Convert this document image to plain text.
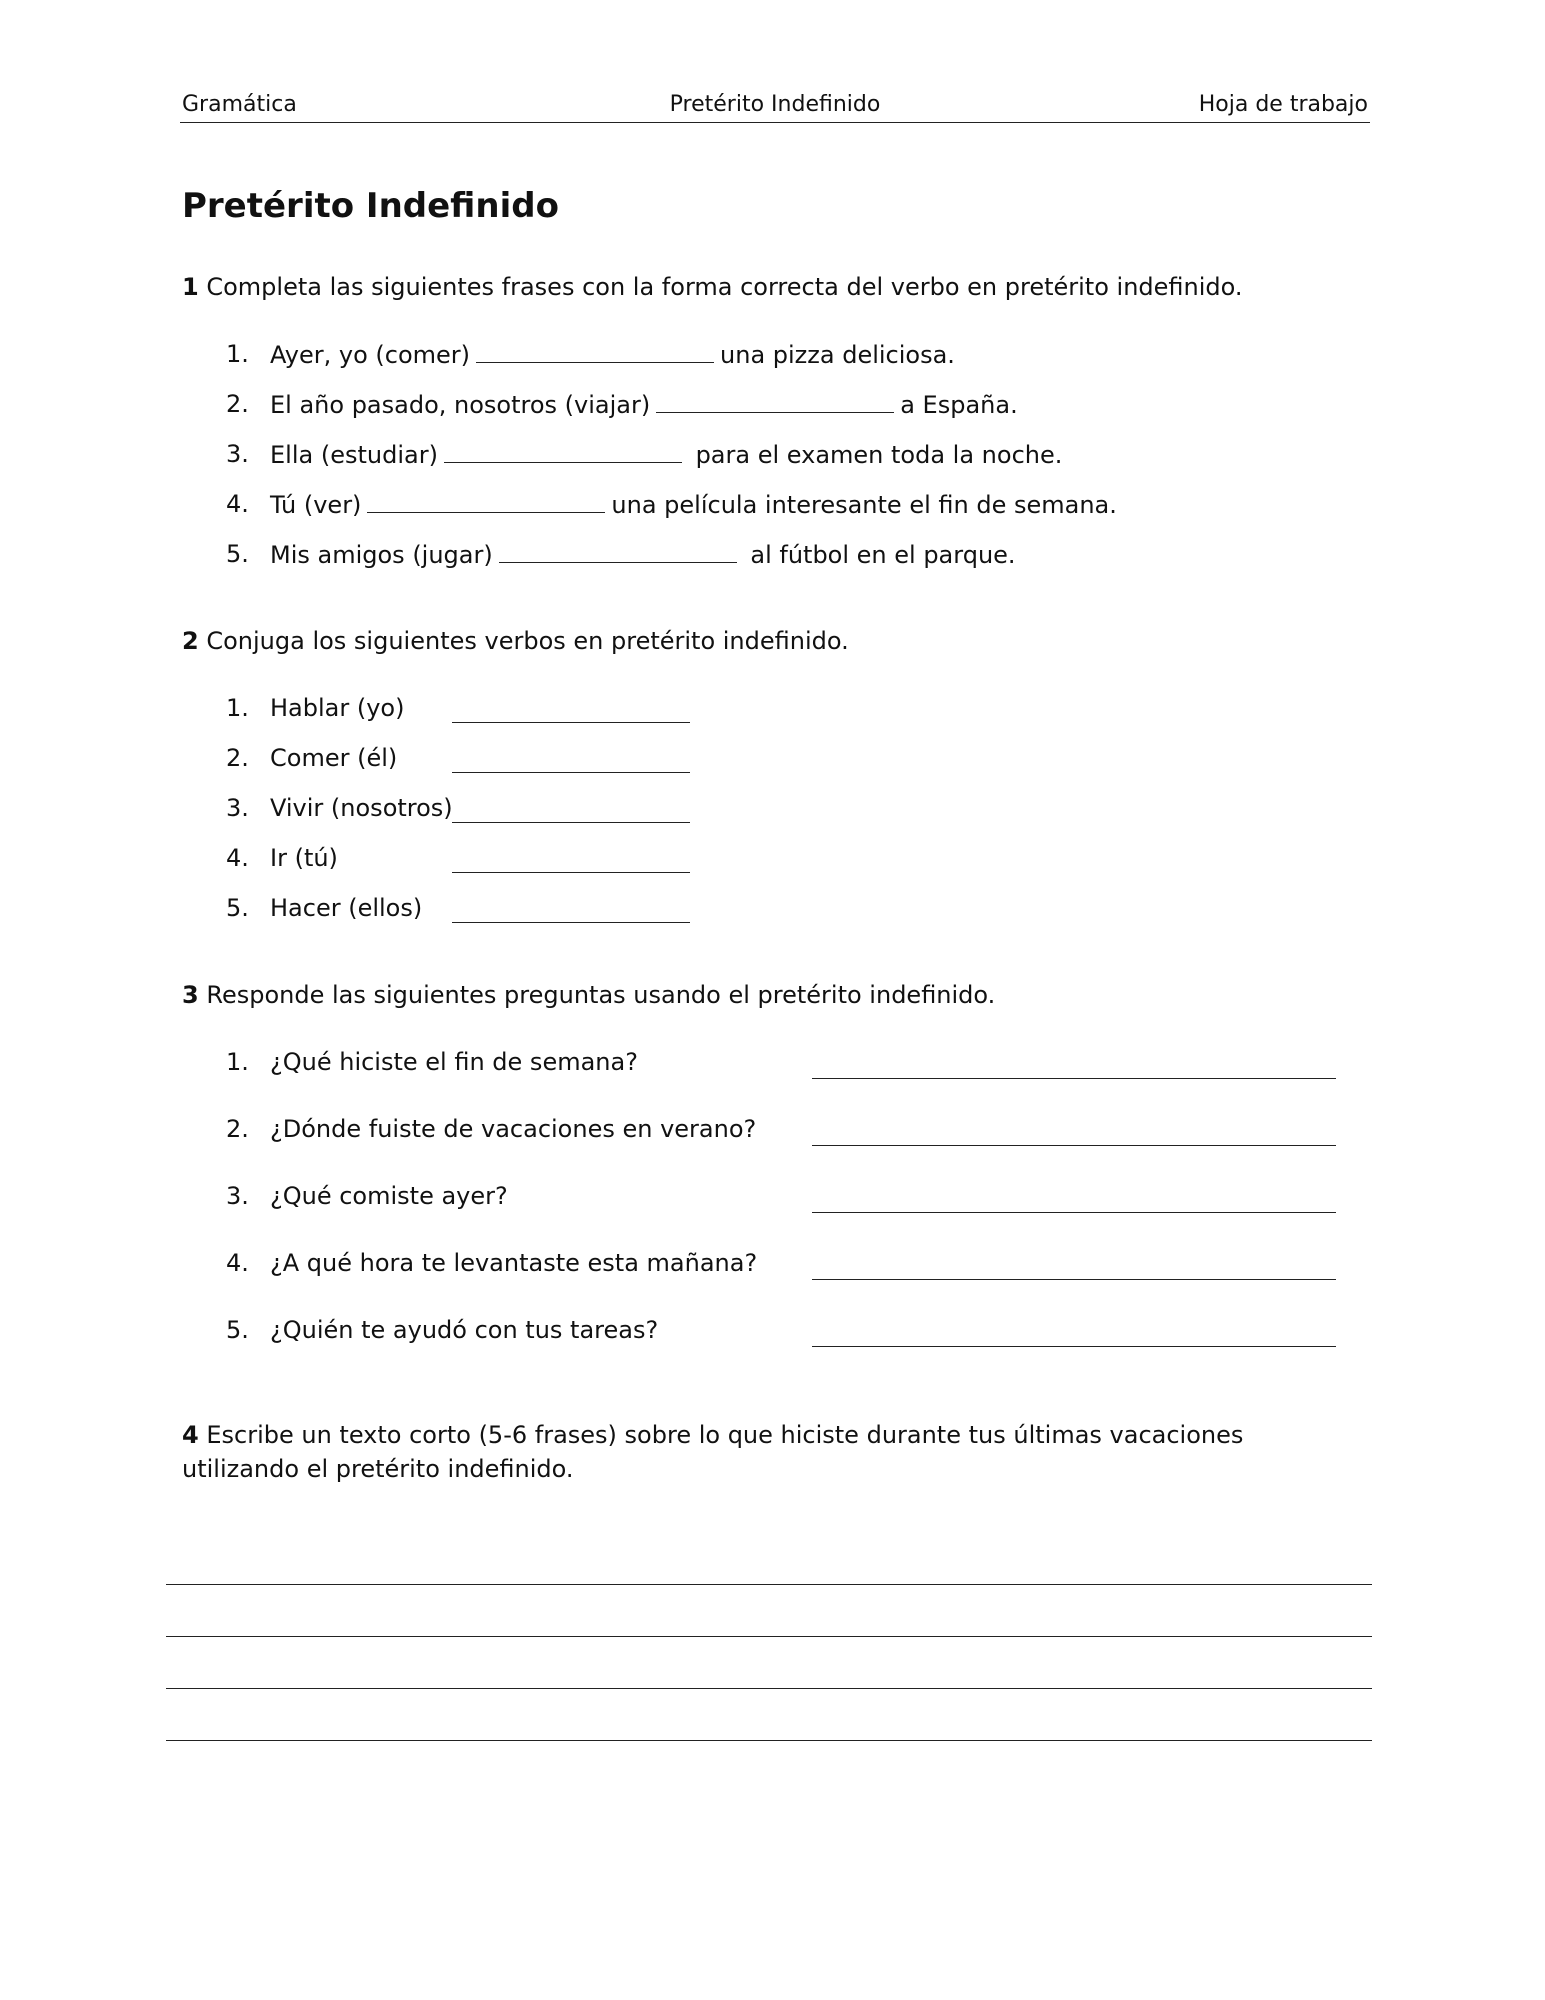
Gramática	Pretérito Indefinido	Hoja de trabajo
Pretérito Indefinido
1 Completa las siguientes frases con la forma correcta del verbo en pretérito indefinido.
1. Ayer, yo (comer)	una pizza deliciosa.
2. El año pasado, nosotros (viajar)	a España.
3. Ella (estudiar)	para el examen toda la noche.
4. Tú (ver)	una película interesante el fin de semana.
5. Mis amigos (jugar)	al fútbol en el parque.
2 Conjuga los siguientes verbos en pretérito indefinido.
1. Hablar (yo)
2. Comer (él)
3. Vivir (nosotros)
4. Ir (tú)
5. Hacer (ellos)
3 Responde las siguientes preguntas usando el pretérito indefinido.
1. ¿Qué hiciste el fin de semana?
2. ¿Dónde fuiste de vacaciones en verano?
3. ¿Qué comiste ayer?
4. ¿A qué hora te levantaste esta mañana?
5. ¿Quién te ayudó con tus tareas?
4 Escribe un texto corto (5-6 frases) sobre lo que hiciste durante tus últimas vacaciones utilizando el pretérito indefinido.
